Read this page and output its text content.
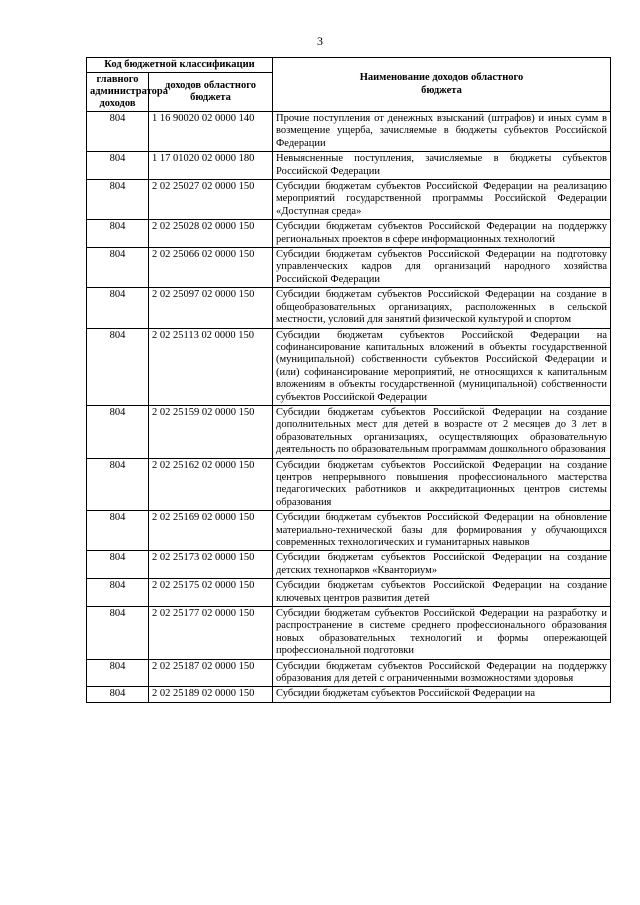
3
Код бюджетной классификации		Наименование доходов областного бюджета
главного администратора доходов	доходов областного бюджета	
804	1 16 90020 02 0000 140	Прочие поступления от денежных взысканий (штрафов) и иных сумм в возмещение ущерба, зачисляемые в бюджеты субъектов Российской Федерации
804	1 17 01020 02 0000 180	Невыясненные поступления, зачисляемые в бюджеты субъектов Российской Федерации
804	2 02 25027 02 0000 150	Субсидии бюджетам субъектов Российской Федерации на реализацию мероприятий государственной программы Российской Федерации «Доступная среда»
804	2 02 25028 02 0000 150	Субсидии бюджетам субъектов Российской Федерации на поддержку региональных проектов в сфере информационных технологий
804	2 02 25066 02 0000 150	Субсидии бюджетам субъектов Российской Федерации на подготовку управленческих кадров для организаций народного хозяйства Российской Федерации
804	2 02 25097 02 0000 150	Субсидии бюджетам субъектов Российской Федерации на создание в общеобразовательных организациях, расположенных в сельской местности, условий для занятий физической культурой и спортом
804	2 02 25113 02 0000 150	Субсидии бюджетам субъектов Российской Федерации на софинансирование капитальных вложений в объекты государственной (муниципальной) собственности субъектов Российской Федерации и (или) софинансирование мероприятий, не относящихся к капитальным вложениям в объекты государственной (муниципальной) собственности субъектов Российской Федерации
804	2 02 25159 02 0000 150	Субсидии бюджетам субъектов Российской Федерации на создание дополнительных мест для детей в возрасте от 2 месяцев до 3 лет в образовательных организациях, осуществляющих образовательную деятельность по образовательным программам дошкольного образования
804	2 02 25162 02 0000 150	Субсидии бюджетам субъектов Российской Федерации на создание центров непрерывного повышения профессионального мастерства педагогических работников и аккредитационных центров системы образования
804	2 02 25169 02 0000 150	Субсидии бюджетам субъектов Российской Федерации на обновление материально-технической базы для формирования у обучающихся современных технологических и гуманитарных навыков
804	2 02 25173 02 0000 150	Субсидии бюджетам субъектов Российской Федерации на создание детских технопарков «Кванториум»
804	2 02 25175 02 0000 150	Субсидии бюджетам субъектов Российской Федерации на создание ключевых центров развития детей
804	2 02 25177 02 0000 150	Субсидии бюджетам субъектов Российской Федерации на разработку и распространение в системе среднего профессионального образования новых образовательных технологий и формы опережающей профессиональной подготовки
804	2 02 25187 02 0000 150	Субсидии бюджетам субъектов Российской Федерации на поддержку образования для детей с ограниченными возможностями здоровья
804	2 02 25189 02 0000 150	Субсидии бюджетам субъектов Российской Федерации на
